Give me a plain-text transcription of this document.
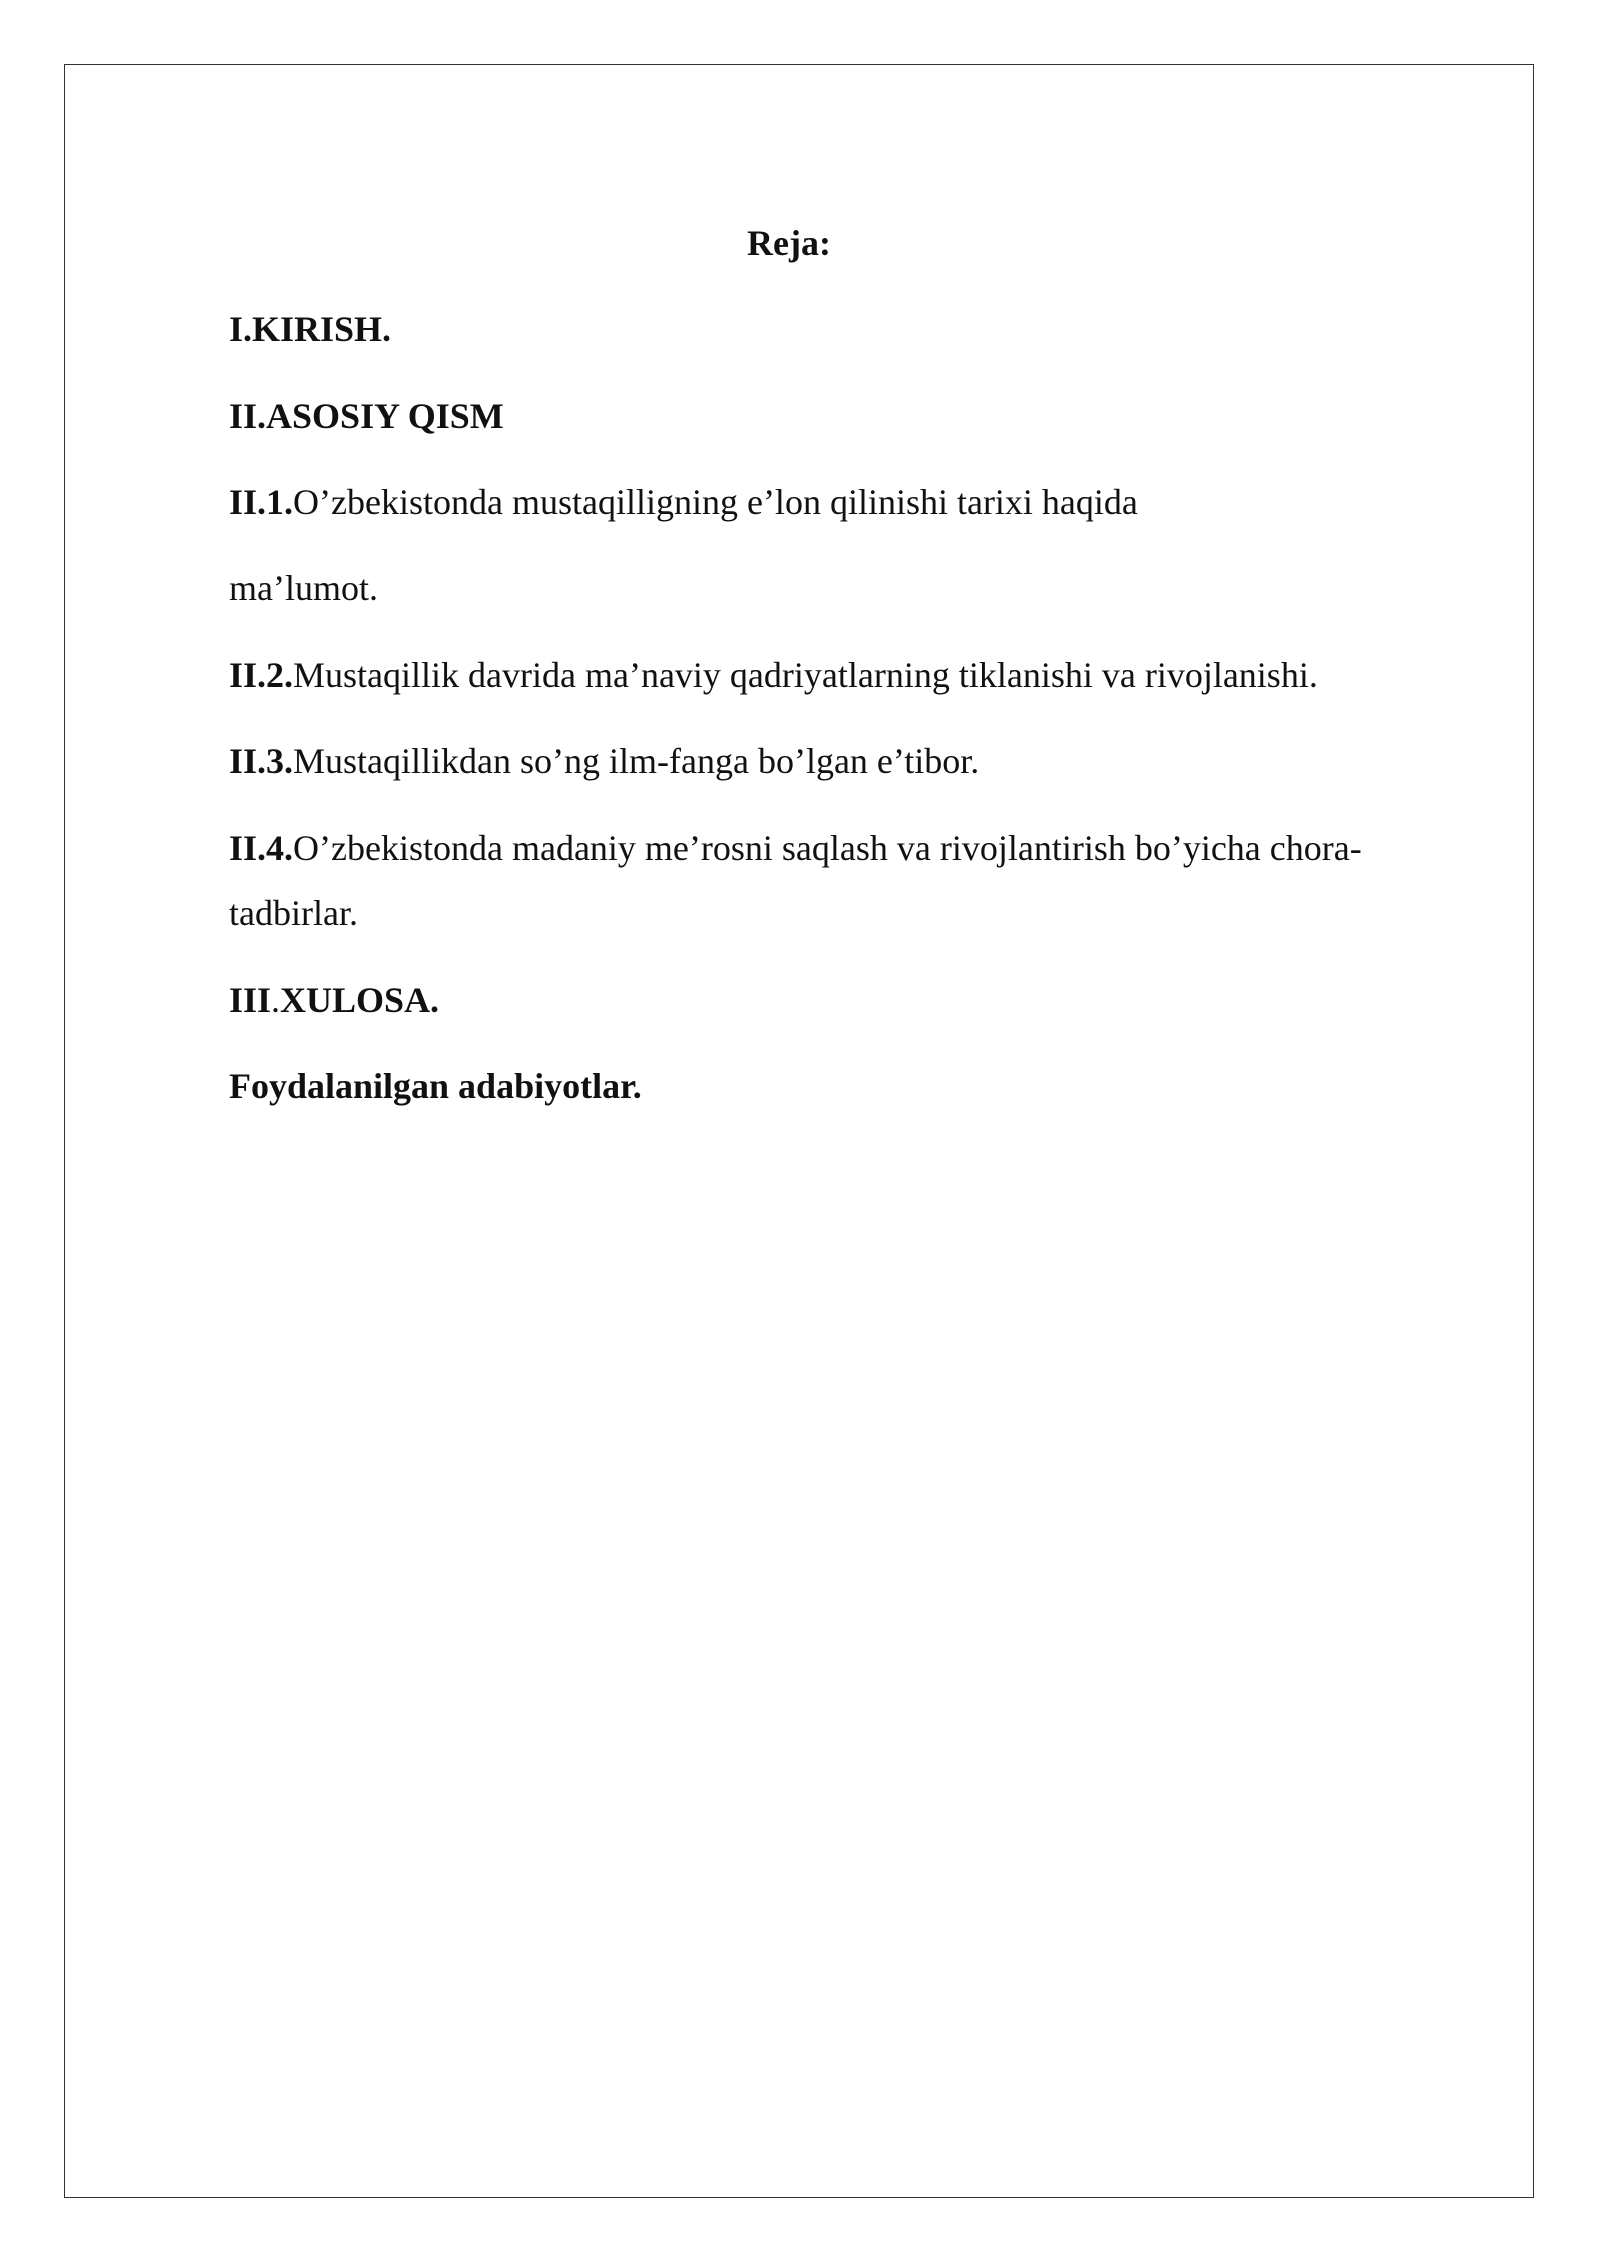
Reja:
I.KIRISH.
II.ASOSIY QISM
II.1.O’zbekistonda mustaqilligning e’lon qilinishi tarixi haqida
ma’lumot.
II.2.Mustaqillik davrida ma’naviy qadriyatlarning tiklanishi va rivojlanishi.
II.3.Mustaqillikdan so’ng ilm-fanga bo’lgan e’tibor.
II.4.O’zbekistonda madaniy me’rosni saqlash va rivojlantirish bo’yicha chora-
tadbirlar.
III.XULOSA.
Foydalanilgan adabiyotlar.
